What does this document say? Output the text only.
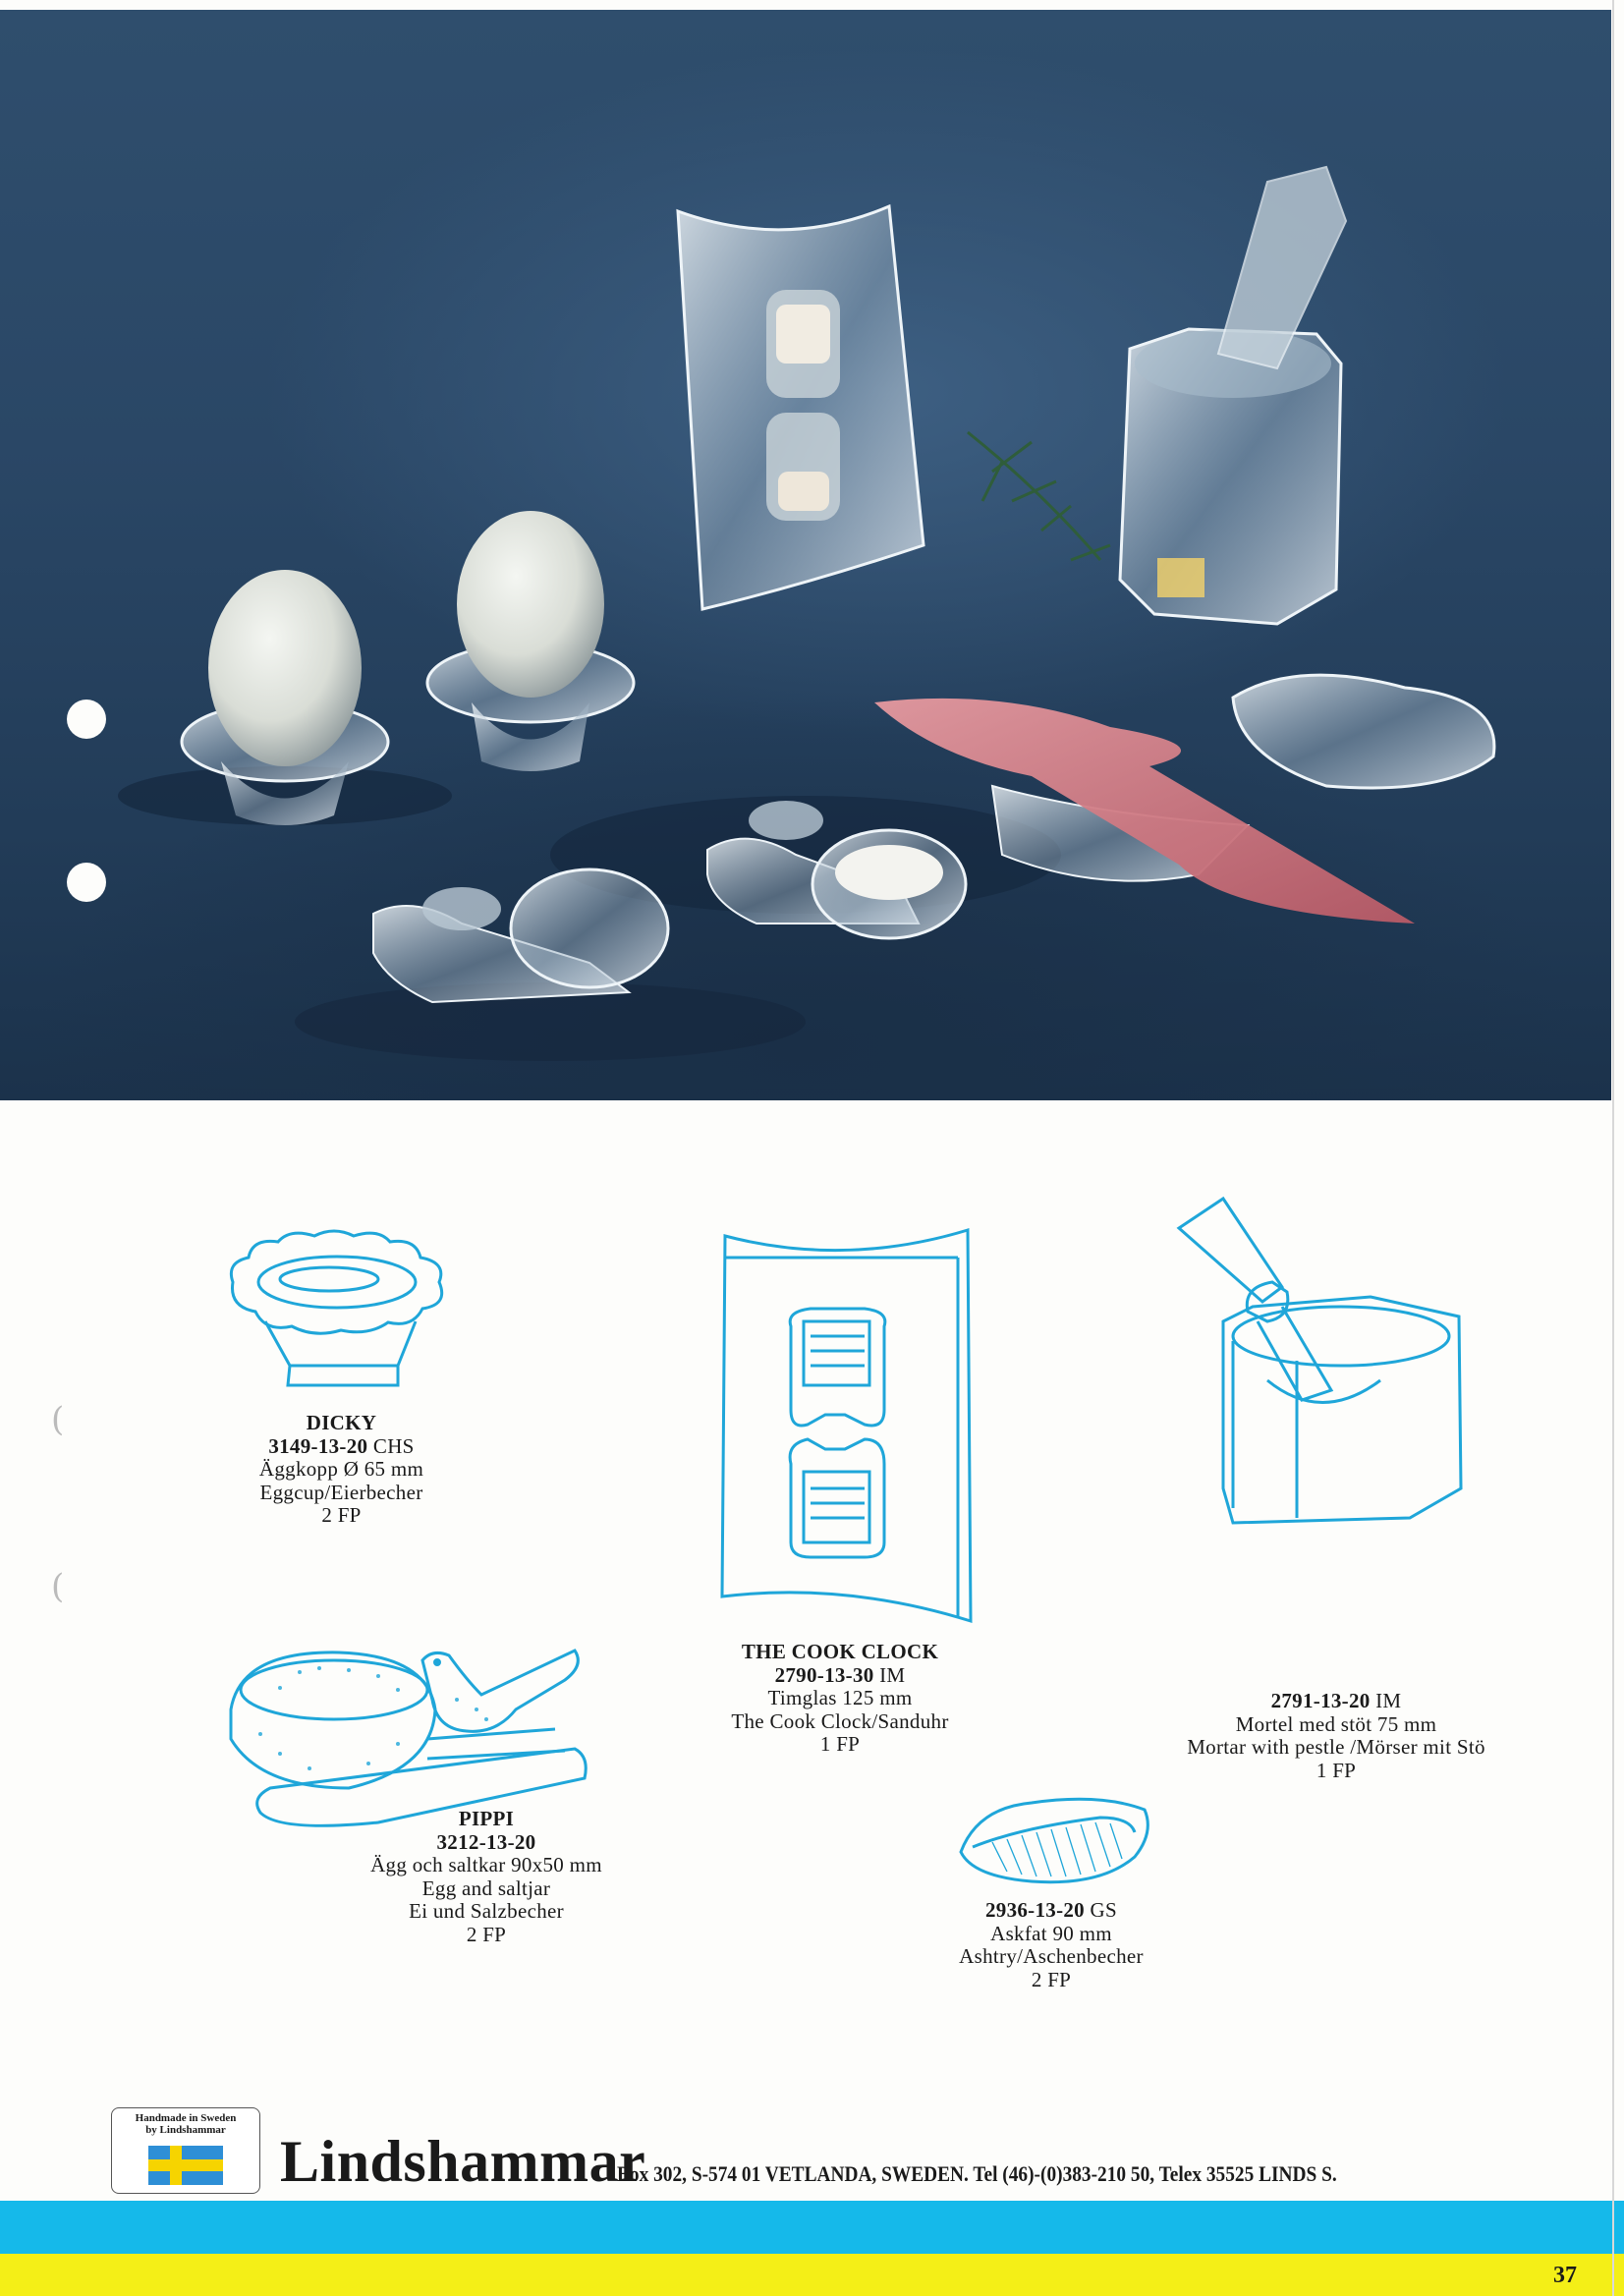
(
(
DICKY
3149-13-20 CHS
Äggkopp Ø 65 mm
Eggcup/Eierbecher
2 FP
PIPPI
3212-13-20
Ägg och saltkar 90x50 mm
Egg and saltjar
Ei und Salzbecher
2 FP
THE COOK CLOCK
2790-13-30 IM
Timglas 125 mm
The Cook Clock/Sanduhr
1 FP
2791-13-20 IM
Mortel med stöt 75 mm
Mortar with pestle /Mörser mit Stö
1 FP
2936-13-20 GS
Askfat 90 mm
Ashtry/Aschenbecher
2 FP
Handmade in Sweden
by Lindshammar Lindshammar
Box 302, S-574 01 VETLANDA, SWEDEN. Tel (46)-(0)383-210 50, Telex 35525 LINDS S.
37
